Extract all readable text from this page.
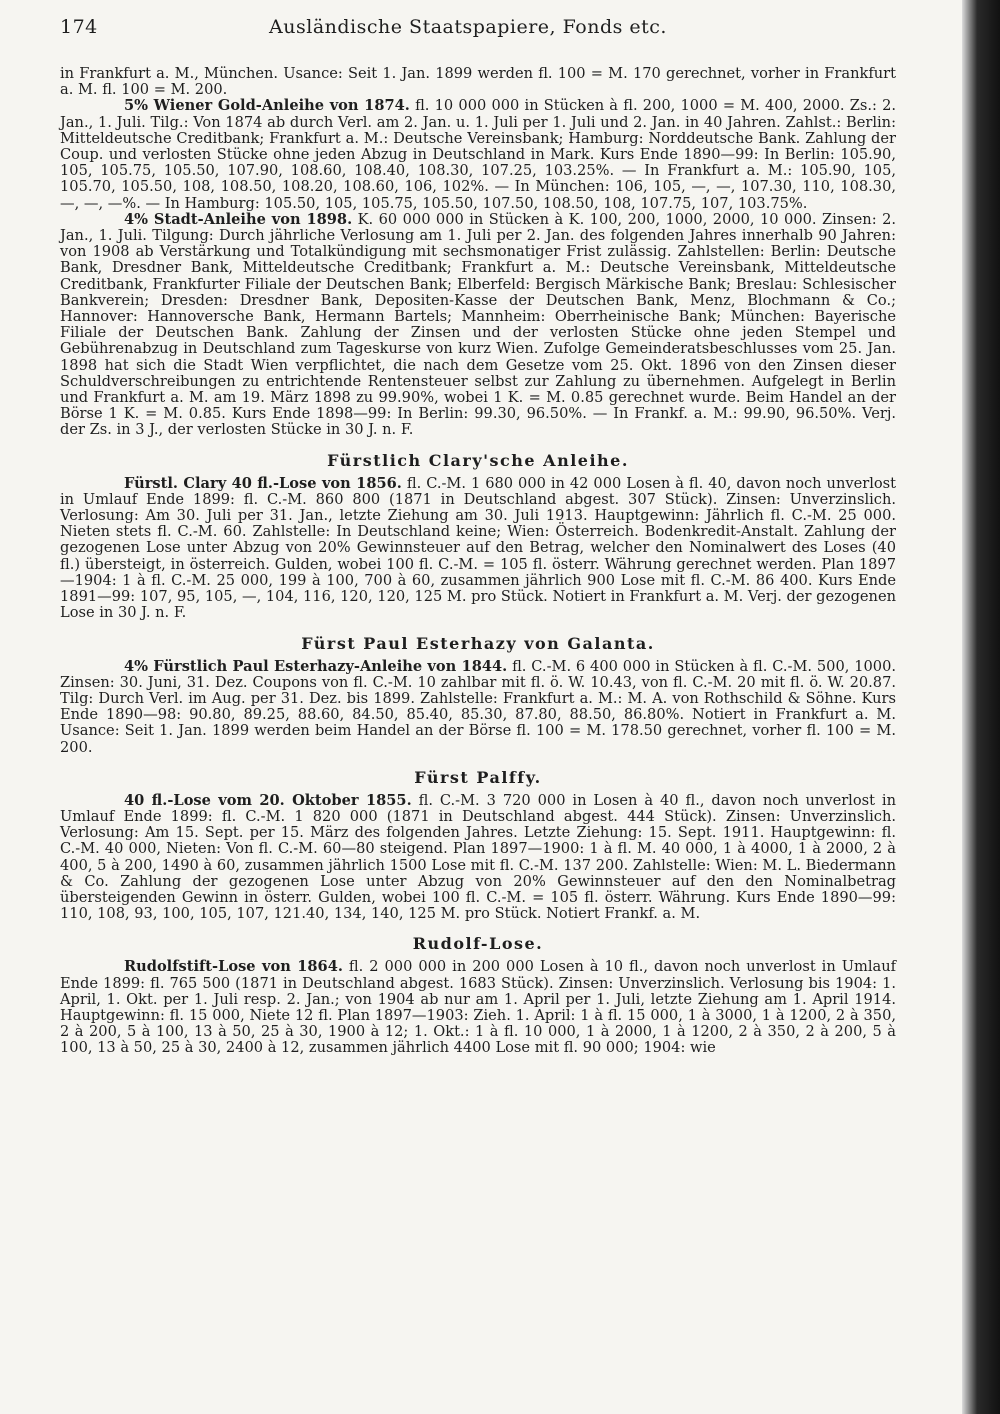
174	Ausländische Staatspapiere, Fonds etc.

in Frankfurt a. M., München. Usance: Seit 1. Jan. 1899 werden fl. 100 = M. 170 gerechnet, vorher in Frankfurt a. M. fl. 100 = M. 200.

5% Wiener Gold-Anleihe von 1874. fl. 10 000 000 in Stücken à fl. 200, 1000 = M. 400, 2000. Zs.: 2. Jan., 1. Juli. Tilg.: Von 1874 ab durch Verl. am 2. Jan. u. 1. Juli per 1. Juli und 2. Jan. in 40 Jahren. Zahlst.: Berlin: Mitteldeutsche Creditbank; Frankfurt a. M.: Deutsche Vereinsbank; Hamburg: Norddeutsche Bank. Zahlung der Coup. und verlosten Stücke ohne jeden Abzug in Deutschland in Mark. Kurs Ende 1890—99: In Berlin: 105.90, 105, 105.75, 105.50, 107.90, 108.60, 108.40, 108.30, 107.25, 103.25%. — In Frankfurt a. M.: 105.90, 105, 105.70, 105.50, 108, 108.50, 108.20, 108.60, 106, 102%. — In München: 106, 105, —, —, 107.30, 110, 108.30, —, —, —%. — In Hamburg: 105.50, 105, 105.75, 105.50, 107.50, 108.50, 108, 107.75, 107, 103.75%.

4% Stadt-Anleihe von 1898. K. 60 000 000 in Stücken à K. 100, 200, 1000, 2000, 10 000. Zinsen: 2. Jan., 1. Juli. Tilgung: Durch jährliche Verlosung am 1. Juli per 2. Jan. des folgenden Jahres innerhalb 90 Jahren: von 1908 ab Verstärkung und Totalkündigung mit sechsmonatiger Frist zulässig. Zahlstellen: Berlin: Deutsche Bank, Dresdner Bank, Mitteldeutsche Creditbank; Frankfurt a. M.: Deutsche Vereinsbank, Mitteldeutsche Creditbank, Frankfurter Filiale der Deutschen Bank; Elberfeld: Bergisch Märkische Bank; Breslau: Schlesischer Bankverein; Dresden: Dresdner Bank, Depositen-Kasse der Deutschen Bank, Menz, Blochmann & Co.; Hannover: Hannoversche Bank, Hermann Bartels; Mannheim: Oberrheinische Bank; München: Bayerische Filiale der Deutschen Bank. Zahlung der Zinsen und der verlosten Stücke ohne jeden Stempel und Gebührenabzug in Deutschland zum Tageskurse von kurz Wien. Zufolge Gemeinderatsbeschlusses vom 25. Jan. 1898 hat sich die Stadt Wien verpflichtet, die nach dem Gesetze vom 25. Okt. 1896 von den Zinsen dieser Schuldverschreibungen zu entrichtende Rentensteuer selbst zur Zahlung zu übernehmen. Aufgelegt in Berlin und Frankfurt a. M. am 19. März 1898 zu 99.90%, wobei 1 K. = M. 0.85 gerechnet wurde. Beim Handel an der Börse 1 K. = M. 0.85. Kurs Ende 1898—99: In Berlin: 99.30, 96.50%. — In Frankf. a. M.: 99.90, 96.50%. Verj. der Zs. in 3 J., der verlosten Stücke in 30 J. n. F.

Fürstlich Clary'sche Anleihe.

Fürstl. Clary 40 fl.-Lose von 1856. fl. C.-M. 1 680 000 in 42 000 Losen à fl. 40, davon noch unverlost in Umlauf Ende 1899: fl. C.-M. 860 800 (1871 in Deutschland abgest. 307 Stück). Zinsen: Unverzinslich. Verlosung: Am 30. Juli per 31. Jan., letzte Ziehung am 30. Juli 1913. Hauptgewinn: Jährlich fl. C.-M. 25 000. Nieten stets fl. C.-M. 60. Zahlstelle: In Deutschland keine; Wien: Österreich. Bodenkredit-Anstalt. Zahlung der gezogenen Lose unter Abzug von 20% Gewinnsteuer auf den Betrag, welcher den Nominalwert des Loses (40 fl.) übersteigt, in österreich. Gulden, wobei 100 fl. C.-M. = 105 fl. österr. Währung gerechnet werden. Plan 1897—1904: 1 à fl. C.-M. 25 000, 199 à 100, 700 à 60, zusammen jährlich 900 Lose mit fl. C.-M. 86 400. Kurs Ende 1891—99: 107, 95, 105, —, 104, 116, 120, 120, 125 M. pro Stück. Notiert in Frankfurt a. M. Verj. der gezogenen Lose in 30 J. n. F.

Fürst Paul Esterhazy von Galanta.

4% Fürstlich Paul Esterhazy-Anleihe von 1844. fl. C.-M. 6 400 000 in Stücken à fl. C.-M. 500, 1000. Zinsen: 30. Juni, 31. Dez. Coupons von fl. C.-M. 10 zahlbar mit fl. ö. W. 10.43, von fl. C.-M. 20 mit fl. ö. W. 20.87. Tilg: Durch Verl. im Aug. per 31. Dez. bis 1899. Zahlstelle: Frankfurt a. M.: M. A. von Rothschild & Söhne. Kurs Ende 1890—98: 90.80, 89.25, 88.60, 84.50, 85.40, 85.30, 87.80, 88.50, 86.80%. Notiert in Frankfurt a. M. Usance: Seit 1. Jan. 1899 werden beim Handel an der Börse fl. 100 = M. 178.50 gerechnet, vorher fl. 100 = M. 200.

Fürst Palffy.

40 fl.-Lose vom 20. Oktober 1855. fl. C.-M. 3 720 000 in Losen à 40 fl., davon noch unverlost in Umlauf Ende 1899: fl. C.-M. 1 820 000 (1871 in Deutschland abgest. 444 Stück). Zinsen: Unverzinslich. Verlosung: Am 15. Sept. per 15. März des folgenden Jahres. Letzte Ziehung: 15. Sept. 1911. Hauptgewinn: fl. C.-M. 40 000, Nieten: Von fl. C.-M. 60—80 steigend. Plan 1897—1900: 1 à fl. M. 40 000, 1 à 4000, 1 à 2000, 2 à 400, 5 à 200, 1490 à 60, zusammen jährlich 1500 Lose mit fl. C.-M. 137 200. Zahlstelle: Wien: M. L. Biedermann & Co. Zahlung der gezogenen Lose unter Abzug von 20% Gewinnsteuer auf den den Nominalbetrag übersteigenden Gewinn in österr. Gulden, wobei 100 fl. C.-M. = 105 fl. österr. Währung. Kurs Ende 1890—99: 110, 108, 93, 100, 105, 107, 121.40, 134, 140, 125 M. pro Stück. Notiert Frankf. a. M.

Rudolf-Lose.

Rudolfstift-Lose von 1864. fl. 2 000 000 in 200 000 Losen à 10 fl., davon noch unverlost in Umlauf Ende 1899: fl. 765 500 (1871 in Deutschland abgest. 1683 Stück). Zinsen: Unverzinslich. Verlosung bis 1904: 1. April, 1. Okt. per 1. Juli resp. 2. Jan.; von 1904 ab nur am 1. April per 1. Juli, letzte Ziehung am 1. April 1914. Hauptgewinn: fl. 15 000, Niete 12 fl. Plan 1897—1903: Zieh. 1. April: 1 à fl. 15 000, 1 à 3000, 1 à 1200, 2 à 350, 2 à 200, 5 à 100, 13 à 50, 25 à 30, 1900 à 12; 1. Okt.: 1 à fl. 10 000, 1 à 2000, 1 à 1200, 2 à 350, 2 à 200, 5 à 100, 13 à 50, 25 à 30, 2400 à 12, zusammen jährlich 4400 Lose mit fl. 90 000; 1904: wie
